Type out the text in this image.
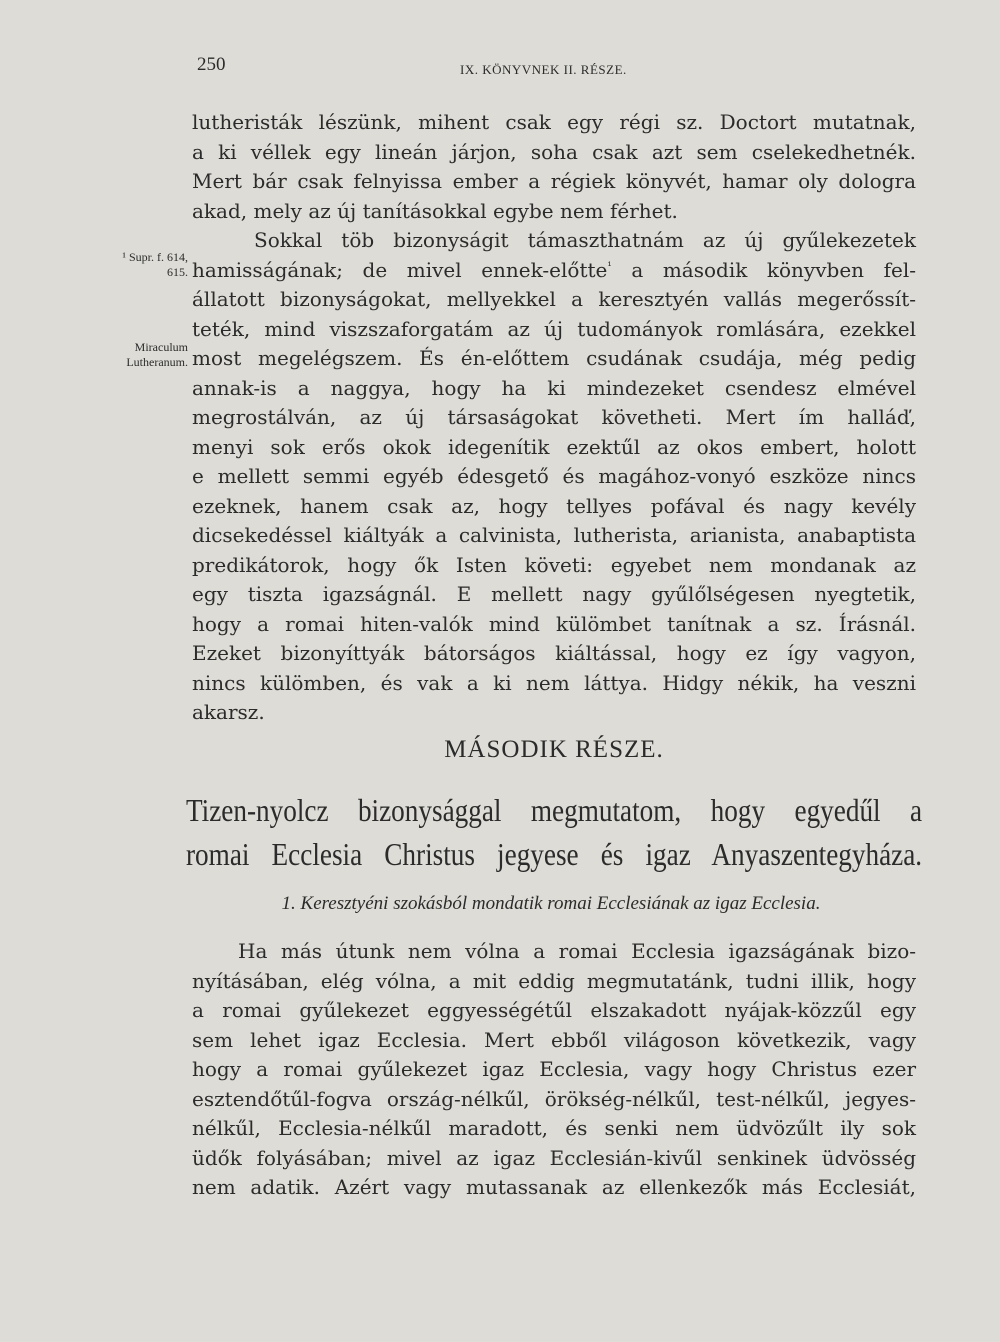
250	IX. KÖNYVNEK II. RÉSZE.

lutheristák lészünk, mihent csak egy régi sz. Doctort mutatnak,
a ki véllek egy lineán járjon, soha csak azt sem cselekedhetnék.
Mert bár csak felnyissa ember a régiek könyvét, hamar oly dologra
akad, mely az új tanításokkal egybe nem férhet.

Sokkal töb bizonyságit támaszthatnám az új gyűlekezetek
hamisságának; de mivel ennek-előtte$^{^1}$ a második könyvben fel-
állatott bizonyságokat, mellyekkel a keresztyén vallás megerőssít-
teték, mind viszszaforgatám az új tudományok romlására, ezekkel
most megelégszem. És én-előttem csudának csudája, még pedig
annak-is a naggya, hogy ha ki mindezeket csendesz elmével
megrostálván, az új társaságokat követheti. Mert ím halláď,
menyi sok erős okok idegenítik ezektűl az okos embert, holott
e mellett semmi egyéb édesgető és magához-vonyó eszköze nincs
ezeknek, hanem csak az, hogy tellyes pofával és nagy kevély
dicsekedéssel kiáltyák a calvinista, lutherista, arianista, anabaptista
predikátorok, hogy ők Isten követi: egyebet nem mondanak az
egy tiszta igazságnál. E mellett nagy gyűlőlségesen nyegtetik,
hogy a romai hiten-valók mind külömbet tanítnak a sz. Írásnál.
Ezeket bizonyíttyák bátorságos kiáltással, hogy ez így vagyon,
nincs külömben, és vak a ki nem láttya. Hidgy nékik, ha veszni
akarsz.

¹ Supr. f. 614,
615.

Miraculum
Lutheranum.

MÁSODIK RÉSZE.
Tizen-nyolcz bizonysággal megmutatom, hogy egyedűl a
romai Ecclesia Christus jegyese és igaz Anyaszentegyháza.

1. Keresztyéni szokásból mondatik romai Ecclesiának az igaz Ecclesia.

Ha más útunk nem vólna a romai Ecclesia igazságának bizo-
nyításában, elég vólna, a mit eddig megmutatánk, tudni illik, hogy
a romai gyűlekezet eggyességétűl elszakadott nyájak-közzűl egy
sem lehet igaz Ecclesia. Mert ebből világoson következik, vagy
hogy a romai gyűlekezet igaz Ecclesia, vagy hogy Christus ezer
esztendőtűl-fogva ország-nélkűl, örökség-nélkűl, test-nélkűl, jegyes-
nélkűl, Ecclesia-nélkűl maradott, és senki nem üdvözűlt ily sok
üdők folyásában; mivel az igaz Ecclesián-kivűl senkinek üdvösség
nem adatik. Azért vagy mutassanak az ellenkezők más Ecclesiát,
